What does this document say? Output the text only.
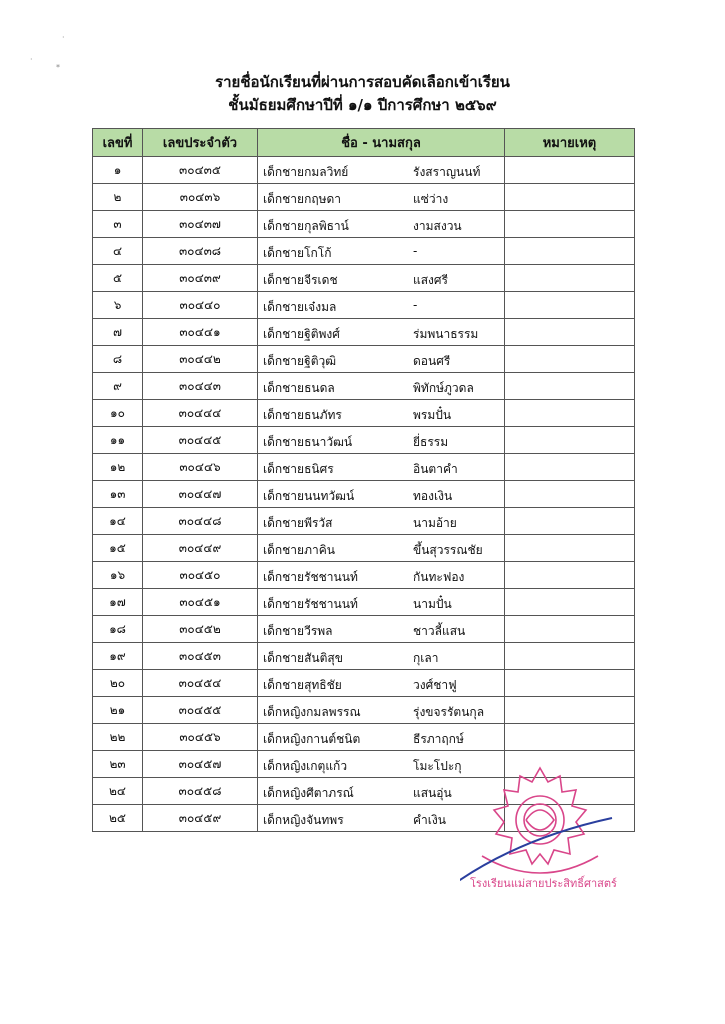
·
·
*
รายชื่อนักเรียนที่ผ่านการสอบคัดเลือกเข้าเรียน
ชั้นมัธยมศึกษาปีที่ ๑/๑ ปีการศึกษา ๒๕๖๙
เลขที่	เลขประจำตัว	ชื่อ - นามสกุล	หมายเหตุ
๑	๓๐๔๓๕	เด็กชายกมลวิทย์ รังสราญนนท์	

๒	๓๐๔๓๖	เด็กชายกฤษดา แซ่ว่าง	

๓	๓๐๔๓๗	เด็กชายกุลพิธาน์ งามสงวน	

๔	๓๐๔๓๘	เด็กชายโกโก้ -	

๕	๓๐๔๓๙	เด็กชายจีรเดช แสงศรี	

๖	๓๐๔๔๐	เด็กชายเจ๋งมล -	

๗	๓๐๔๔๑	เด็กชายฐิติพงศ์ ร่มพนาธรรม	

๘	๓๐๔๔๒	เด็กชายฐิติวุฒิ ดอนศรี	

๙	๓๐๔๔๓	เด็กชายธนดล พิทักษ์ภูวดล	

๑๐	๓๐๔๔๔	เด็กชายธนภัทร พรมปั๋น	

๑๑	๓๐๔๔๕	เด็กชายธนาวัฒน์ ยี่ธรรม	

๑๒	๓๐๔๔๖	เด็กชายธนิศร อินตาคำ	

๑๓	๓๐๔๔๗	เด็กชายนนทวัฒน์ ทองเงิน	

๑๔	๓๐๔๔๘	เด็กชายพีรวัส นามอ้าย	

๑๕	๓๐๔๔๙	เด็กชายภาคิน ขึ้นสุวรรณชัย	

๑๖	๓๐๔๕๐	เด็กชายรัชชานนท์ กันทะฟอง	

๑๗	๓๐๔๕๑	เด็กชายรัชชานนท์ นามปั๋น	

๑๘	๓๐๔๕๒	เด็กชายวีรพล ชาวลี้แสน	

๑๙	๓๐๔๕๓	เด็กชายสันติสุข กุเลา	

๒๐	๓๐๔๕๔	เด็กชายสุทธิชัย วงศ์ชาฟู	

๒๑	๓๐๔๕๕	เด็กหญิงกมลพรรณ รุ่งขจรรัตนกุล	

๒๒	๓๐๔๕๖	เด็กหญิงกานต์ชนิต ธีรภาฤกษ์	

๒๓	๓๐๔๕๗	เด็กหญิงเกตุแก้ว โมะโปะกุ	

๒๔	๓๐๔๕๘	เด็กหญิงศีตาภรณ์ แสนอุ่น	

๒๕	๓๐๔๕๙	เด็กหญิงจันทพร คำเงิน	

โรงเรียนแม่สายประสิทธิ์ศาสตร์
